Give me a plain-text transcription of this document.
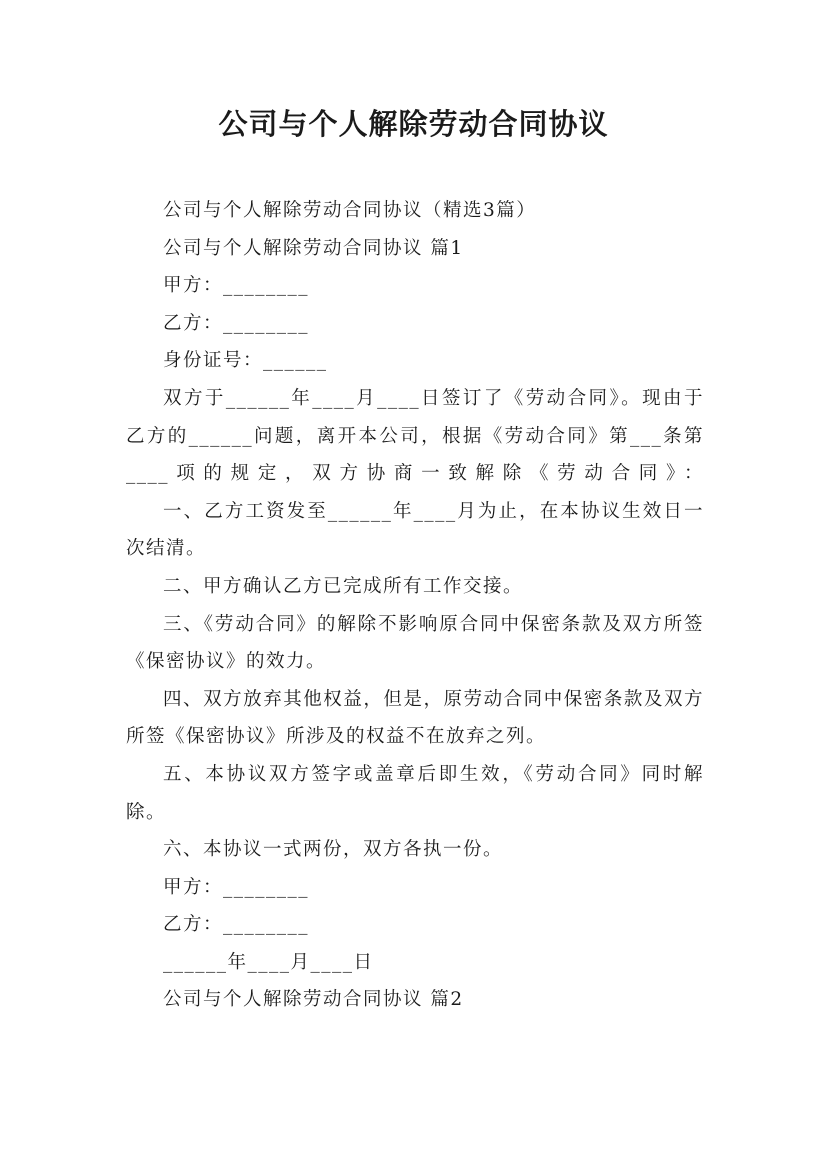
公司与个人解除劳动合同协议

公司与个人解除劳动合同协议（精选3篇）

公司与个人解除劳动合同协议 篇1

甲方：________

乙方：________

身份证号：______

双方于______年____月____日签订了《劳动合同》。现由于乙方的______问题，离开本公司，根据《劳动合同》第___条第____项的规定，双方协商一致解除《劳动合同》：

一、乙方工资发至______年____月为止，在本协议生效日一次结清。

二、甲方确认乙方已完成所有工作交接。

三、《劳动合同》的解除不影响原合同中保密条款及双方所签《保密协议》的效力。

四、双方放弃其他权益，但是，原劳动合同中保密条款及双方所签《保密协议》所涉及的权益不在放弃之列。

五、本协议双方签字或盖章后即生效，《劳动合同》同时解除。

六、本协议一式两份，双方各执一份。

甲方：________

乙方：________

______年____月____日

公司与个人解除劳动合同协议 篇2
